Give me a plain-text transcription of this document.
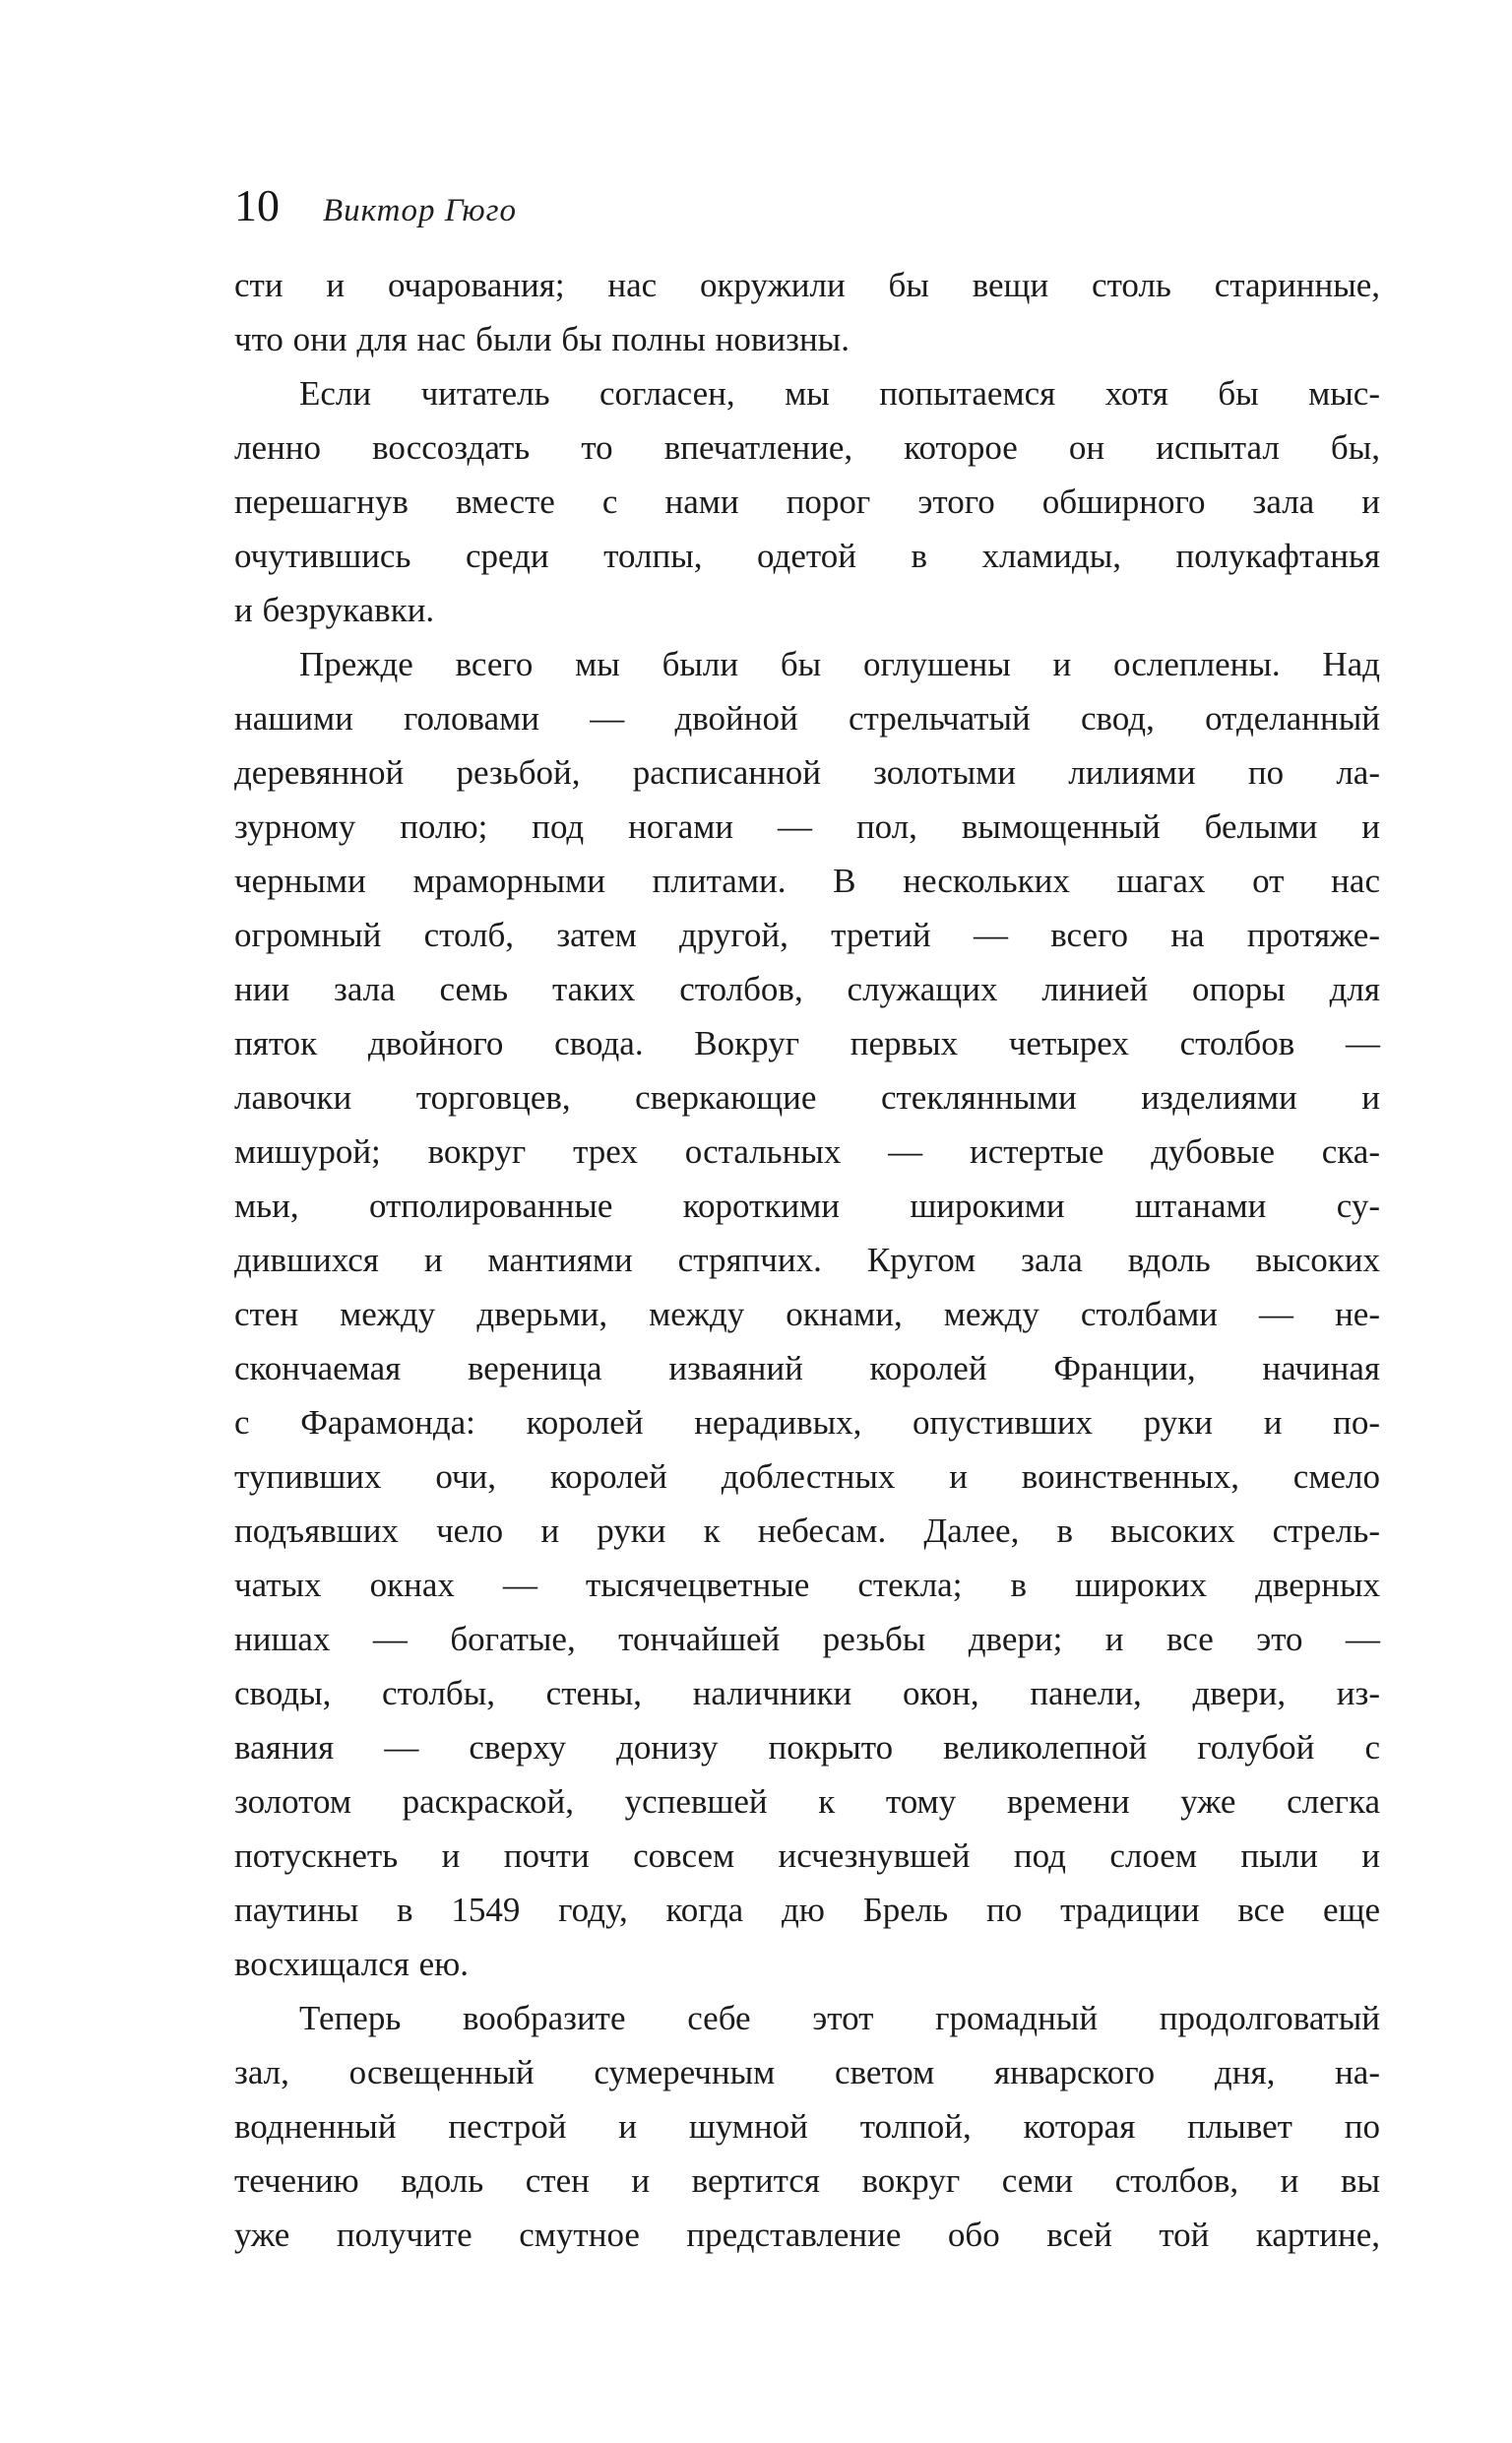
10 Виктор Гюго
сти и очарования; нас окружили бы вещи столь старинные,
что они для нас были бы полны новизны.
Если читатель согласен, мы попытаемся хотя бы мыс-
ленно воссоздать то впечатление, которое он испытал бы,
перешагнув вместе с нами порог этого обширного зала и
очутившись среди толпы, одетой в хламиды, полукафтанья
и безрукавки.
Прежде всего мы были бы оглушены и ослеплены. Над
нашими головами — двойной стрельчатый свод, отделанный
деревянной резьбой, расписанной золотыми лилиями по ла-
зурному полю; под ногами — пол, вымощенный белыми и
черными мраморными плитами. В нескольких шагах от нас
огромный столб, затем другой, третий — всего на протяже-
нии зала семь таких столбов, служащих линией опоры для
пяток двойного свода. Вокруг первых четырех столбов —
лавочки торговцев, сверкающие стеклянными изделиями и
мишурой; вокруг трех остальных — истертые дубовые ска-
мьи, отполированные короткими широкими штанами су-
дившихся и мантиями стряпчих. Кругом зала вдоль высоких
стен между дверьми, между окнами, между столбами — не-
скончаемая вереница изваяний королей Франции, начиная
с Фарамонда: королей нерадивых, опустивших руки и по-
тупивших очи, королей доблестных и воинственных, смело
подъявших чело и руки к небесам. Далее, в высоких стрель-
чатых окнах — тысячецветные стекла; в широких дверных
нишах — богатые, тончайшей резьбы двери; и все это —
своды, столбы, стены, наличники окон, панели, двери, из-
ваяния — сверху донизу покрыто великолепной голубой с
золотом раскраской, успевшей к тому времени уже слегка
потускнеть и почти совсем исчезнувшей под слоем пыли и
паутины в 1549 году, когда дю Брель по традиции все еще
восхищался ею.
Теперь вообразите себе этот громадный продолговатый
зал, освещенный сумеречным светом январского дня, на-
водненный пестрой и шумной толпой, которая плывет по
течению вдоль стен и вертится вокруг семи столбов, и вы
уже получите смутное представление обо всей той картине,
